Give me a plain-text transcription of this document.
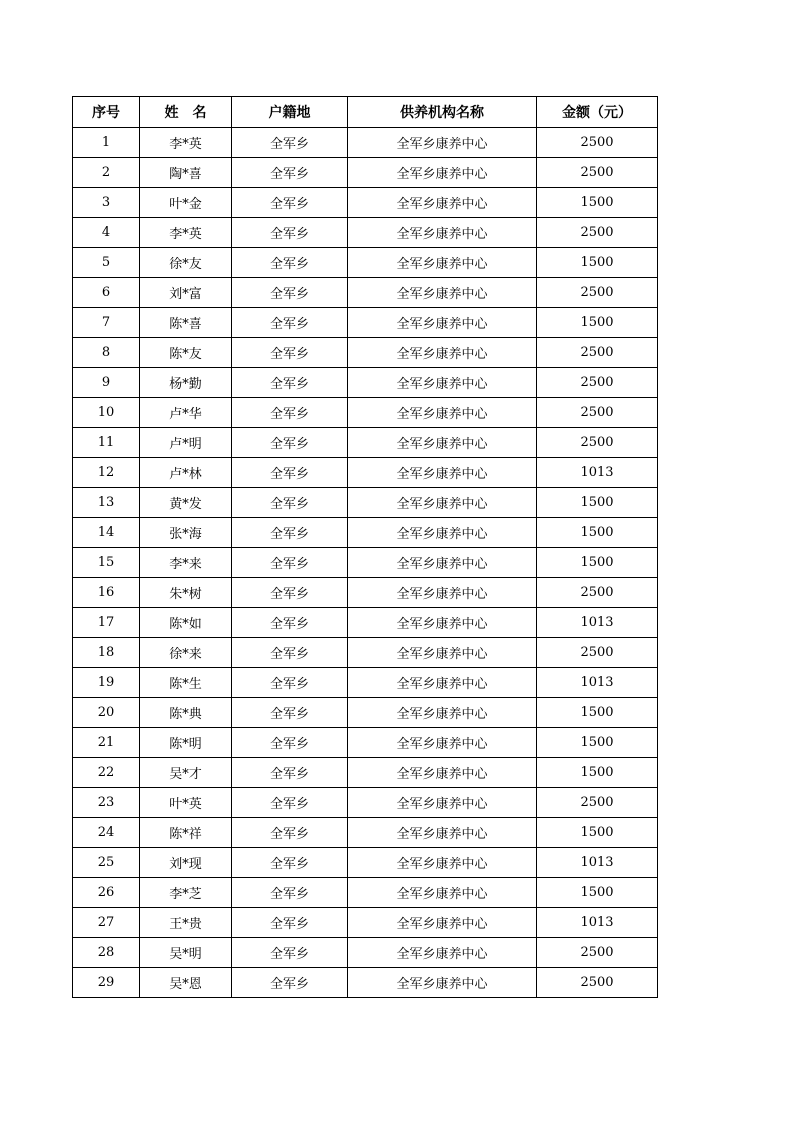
序号	姓　名	户籍地	供养机构名称	金额（元）
1	李*英	全军乡	全军乡康养中心	2500
2	陶*喜	全军乡	全军乡康养中心	2500
3	叶*金	全军乡	全军乡康养中心	1500
4	李*英	全军乡	全军乡康养中心	2500
5	徐*友	全军乡	全军乡康养中心	1500
6	刘*富	全军乡	全军乡康养中心	2500
7	陈*喜	全军乡	全军乡康养中心	1500
8	陈*友	全军乡	全军乡康养中心	2500
9	杨*勤	全军乡	全军乡康养中心	2500
10	卢*华	全军乡	全军乡康养中心	2500
11	卢*明	全军乡	全军乡康养中心	2500
12	卢*林	全军乡	全军乡康养中心	1013
13	黄*发	全军乡	全军乡康养中心	1500
14	张*海	全军乡	全军乡康养中心	1500
15	李*来	全军乡	全军乡康养中心	1500
16	朱*树	全军乡	全军乡康养中心	2500
17	陈*如	全军乡	全军乡康养中心	1013
18	徐*来	全军乡	全军乡康养中心	2500
19	陈*生	全军乡	全军乡康养中心	1013
20	陈*典	全军乡	全军乡康养中心	1500
21	陈*明	全军乡	全军乡康养中心	1500
22	吴*才	全军乡	全军乡康养中心	1500
23	叶*英	全军乡	全军乡康养中心	2500
24	陈*祥	全军乡	全军乡康养中心	1500
25	刘*现	全军乡	全军乡康养中心	1013
26	李*芝	全军乡	全军乡康养中心	1500
27	王*贵	全军乡	全军乡康养中心	1013
28	吴*明	全军乡	全军乡康养中心	2500
29	吴*恩	全军乡	全军乡康养中心	2500
